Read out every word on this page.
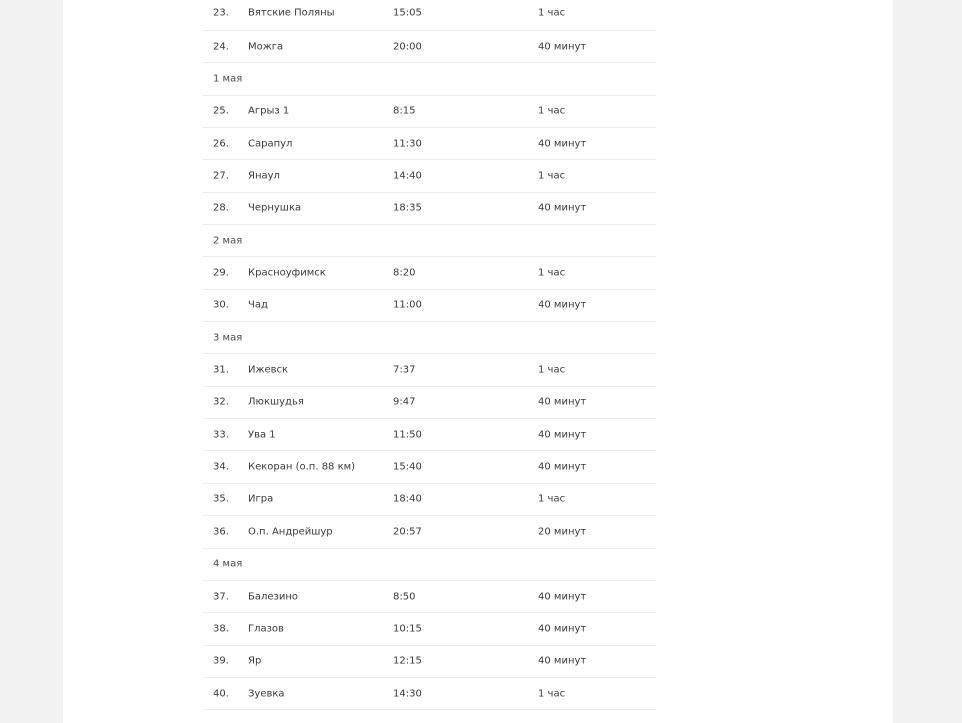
23. Вятские Поляны	15:05	1 час
24. Можга	20:00	40 минут
1 мая
25. Агрыз 1	8:15	1 час
26. Сарапул	11:30	40 минут
27. Янаул	14:40	1 час
28. Чернушка	18:35	40 минут
2 мая
29. Красноуфимск	8:20	1 час
30. Чад	11:00	40 минут
3 мая
31. Ижевск	7:37	1 час
32. Люкшудья	9:47	40 минут
33. Ува 1	11:50	40 минут
34. Кекоран (о.п. 88 км)	15:40	40 минут
35. Игра	18:40	1 час
36. О.п. Андрейшур	20:57	20 минут
4 мая
37. Балезино	8:50	40 минут
38. Глазов	10:15	40 минут
39. Яр	12:15	40 минут
40. Зуевка	14:30	1 час
